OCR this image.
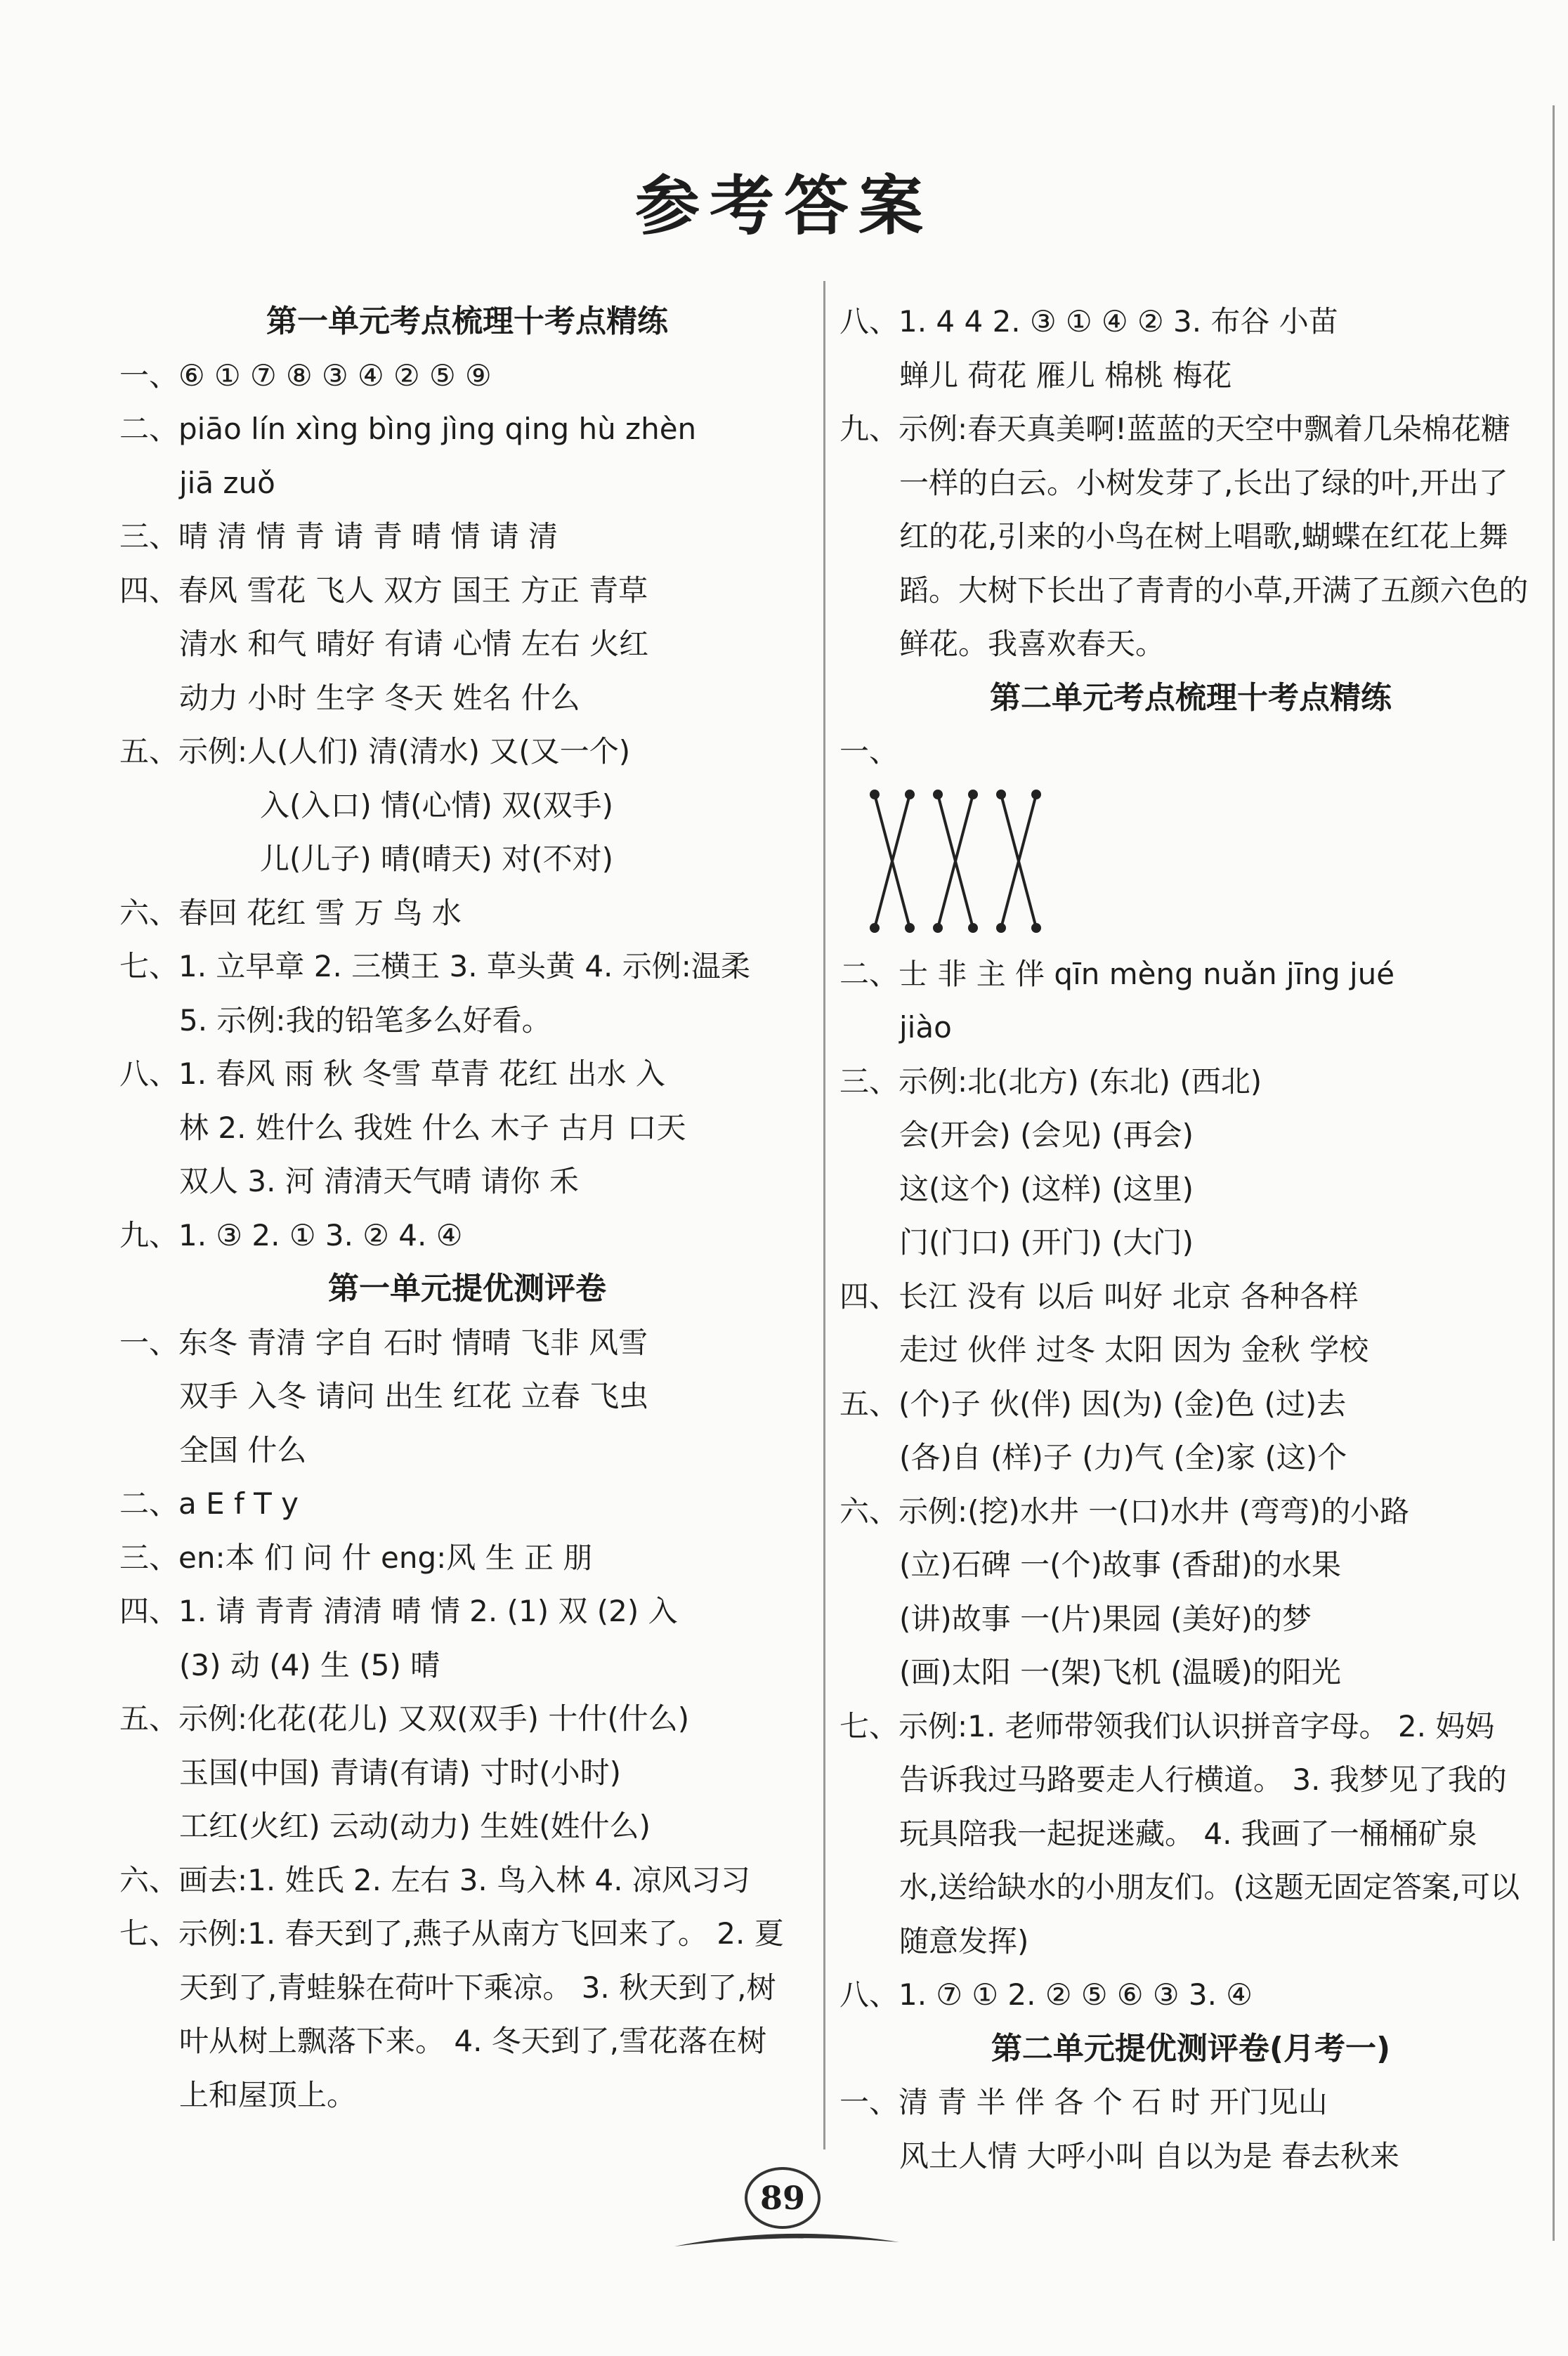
参考答案
第一单元考点梳理十考点精练
一、⑥ ① ⑦ ⑧ ③ ④ ② ⑤ ⑨
二、piāo lín xìng bìng jìng qing hù zhèn
jiā zuǒ
三、晴 清 情 青 请 青 晴 情 请 清
四、春风 雪花 飞人 双方 国王 方正 青草
清水 和气 晴好 有请 心情 左右 火红
动力 小时 生字 冬天 姓名 什么
五、示例:人(人们) 清(清水) 又(又一个)
入(入口) 情(心情) 双(双手)
儿(儿子) 晴(晴天) 对(不对)
六、春回 花红 雪 万 鸟 水
七、1. 立早章 2. 三横王 3. 草头黄 4. 示例:温柔
5. 示例:我的铅笔多么好看。
八、1. 春风 雨 秋 冬雪 草青 花红 出水 入
林 2. 姓什么 我姓 什么 木子 古月 口天
双人 3. 河 清清天气晴 请你 禾
九、1. ③ 2. ① 3. ② 4. ④
第一单元提优测评卷
一、东冬 青清 字自 石时 情晴 飞非 风雪
双手 入冬 请问 出生 红花 立春 飞虫
全国 什么
二、a E f T y
三、en:本 们 问 什 eng:风 生 正 朋
四、1. 请 青青 清清 晴 情 2. (1) 双 (2) 入
(3) 动 (4) 生 (5) 晴
五、示例:化花(花儿) 又双(双手) 十什(什么)
玉国(中国) 青请(有请) 寸时(小时)
工红(火红) 云动(动力) 生姓(姓什么)
六、画去:1. 姓氏 2. 左右 3. 鸟入林 4. 凉风习习
七、示例:1. 春天到了,燕子从南方飞回来了。 2. 夏
天到了,青蛙躲在荷叶下乘凉。 3. 秋天到了,树
叶从树上飘落下来。 4. 冬天到了,雪花落在树
上和屋顶上。
八、1. 4 4 2. ③ ① ④ ② 3. 布谷 小苗
蝉儿 荷花 雁儿 棉桃 梅花
九、示例:春天真美啊!蓝蓝的天空中飘着几朵棉花糖
一样的白云。小树发芽了,长出了绿的叶,开出了
红的花,引来的小鸟在树上唱歌,蝴蝶在红花上舞
蹈。大树下长出了青青的小草,开满了五颜六色的
鲜花。我喜欢春天。
第二单元考点梳理十考点精练
一、
二、士 非 主 伴 qīn mèng nuǎn jīng jué
jiào
三、示例:北(北方) (东北) (西北)
会(开会) (会见) (再会)
这(这个) (这样) (这里)
门(门口) (开门) (大门)
四、长江 没有 以后 叫好 北京 各种各样
走过 伙伴 过冬 太阳 因为 金秋 学校
五、(个)子 伙(伴) 因(为) (金)色 (过)去
(各)自 (样)子 (力)气 (全)家 (这)个
六、示例:(挖)水井 一(口)水井 (弯弯)的小路
(立)石碑 一(个)故事 (香甜)的水果
(讲)故事 一(片)果园 (美好)的梦
(画)太阳 一(架)飞机 (温暖)的阳光
七、示例:1. 老师带领我们认识拼音字母。 2. 妈妈
告诉我过马路要走人行横道。 3. 我梦见了我的
玩具陪我一起捉迷藏。 4. 我画了一桶桶矿泉
水,送给缺水的小朋友们。(这题无固定答案,可以
随意发挥)
八、1. ⑦ ① 2. ② ⑤ ⑥ ③ 3. ④
第二单元提优测评卷(月考一)
一、清 青 半 伴 各 个 石 时 开门见山
风土人情 大呼小叫 自以为是 春去秋来
89
